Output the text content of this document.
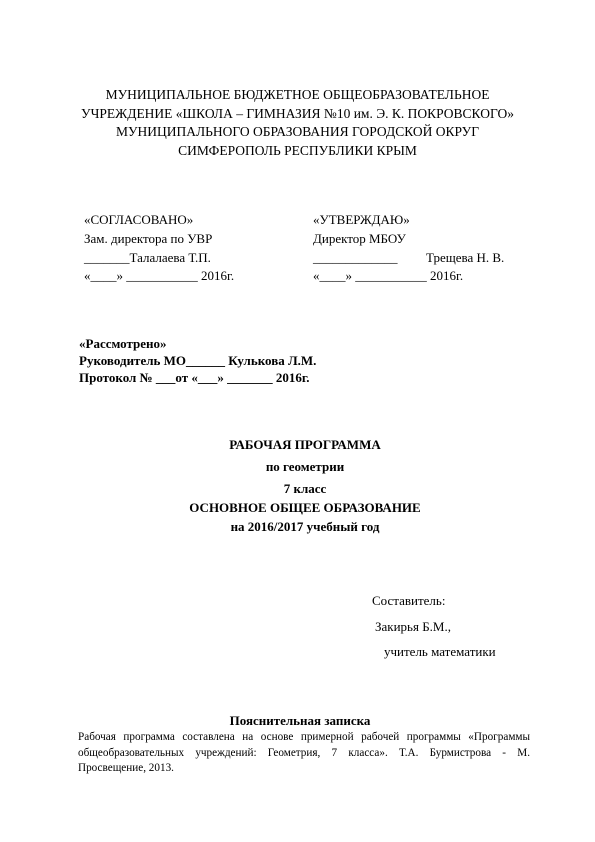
МУНИЦИПАЛЬНОЕ БЮДЖЕТНОЕ ОБЩЕОБРАЗОВАТЕЛЬНОЕ
УЧРЕЖДЕНИЕ «ШКОЛА – ГИМНАЗИЯ №10 им. Э. К. ПОКРОВСКОГО»
МУНИЦИПАЛЬНОГО ОБРАЗОВАНИЯ ГОРОДСКОЙ ОКРУГ
СИМФЕРОПОЛЬ РЕСПУБЛИКИ КРЫМ
«СОГЛАСОВАНО»
Зам. директора по УВР
_______Талалаева Т.П.
«____» ___________ 2016г.
«УТВЕРЖДАЮ»
Директор МБОУ
_____________ Трещева Н. В.
«____» ___________ 2016г.
«Рассмотрено»
Руководитель МО______ Кулькова Л.М.
Протокол № ___от «___» _______ 2016г.
РАБОЧАЯ ПРОГРАММА
по геометрии
7 класс
ОСНОВНОЕ ОБЩЕЕ ОБРАЗОВАНИЕ
на 2016/2017 учебный год
Составитель:
Закирья Б.М.,
учитель математики
Пояснительная записка
Рабочая программа составлена на основе примерной рабочей программы «Программы общеобразовательных учреждений: Геометрия, 7 класса». Т.А. Бурмистрова - М. Просвещение, 2013.
